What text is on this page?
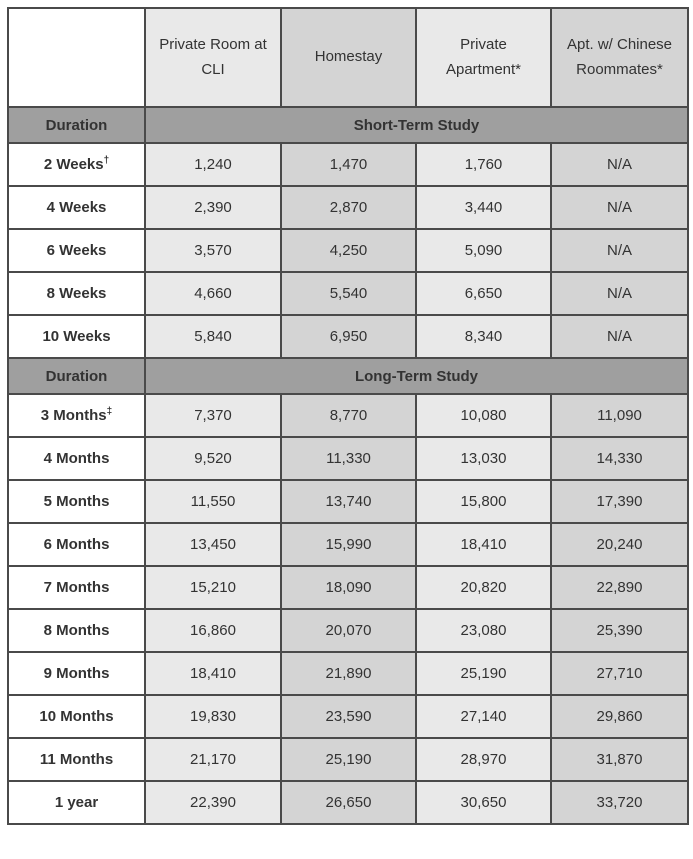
	Private Room at CLI	Homestay	Private Apartment*	Apt. w/ Chinese Roommates*
Duration	Short-Term Study			
2 Weeks†	1,240	1,470	1,760	N/A
4 Weeks	2,390	2,870	3,440	N/A
6 Weeks	3,570	4,250	5,090	N/A
8 Weeks	4,660	5,540	6,650	N/A
10 Weeks	5,840	6,950	8,340	N/A
Duration	Long-Term Study			
3 Months‡	7,370	8,770	10,080	11,090
4 Months	9,520	11,330	13,030	14,330
5 Months	11,550	13,740	15,800	17,390
6 Months	13,450	15,990	18,410	20,240
7 Months	15,210	18,090	20,820	22,890
8 Months	16,860	20,070	23,080	25,390
9 Months	18,410	21,890	25,190	27,710
10 Months	19,830	23,590	27,140	29,860
11 Months	21,170	25,190	28,970	31,870
1 year	22,390	26,650	30,650	33,720
